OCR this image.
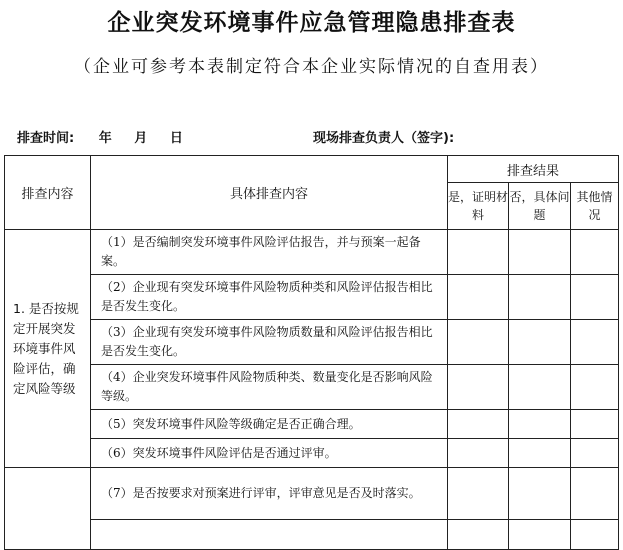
企业突发环境事件应急管理隐患排查表
（企业可参考本表制定符合本企业实际情况的自查用表）
排查时间: 年 月 日	现场排查负责人（签字):
排查内容	具体排查内容	排查结果		
		是，证明材料	否，具体问题	其他情况
1. 是否按规定开展突发环境事件风险评估，确定风险等级	（1）是否编制突发环境事件风险评估报告，并与预案一起备案。			
	（2）企业现有突发环境事件风险物质种类和风险评估报告相比是否发生变化。			
	（3）企业现有突发环境事件风险物质数量和风险评估报告相比是否发生变化。			
	（4）企业突发环境事件风险物质种类、数量变化是否影响风险等级。			
	（5）突发环境事件风险等级确定是否正确合理。			
	（6）突发环境事件风险评估是否通过评审。			
	（7）是否按要求对预案进行评审，评审意见是否及时落实。			
